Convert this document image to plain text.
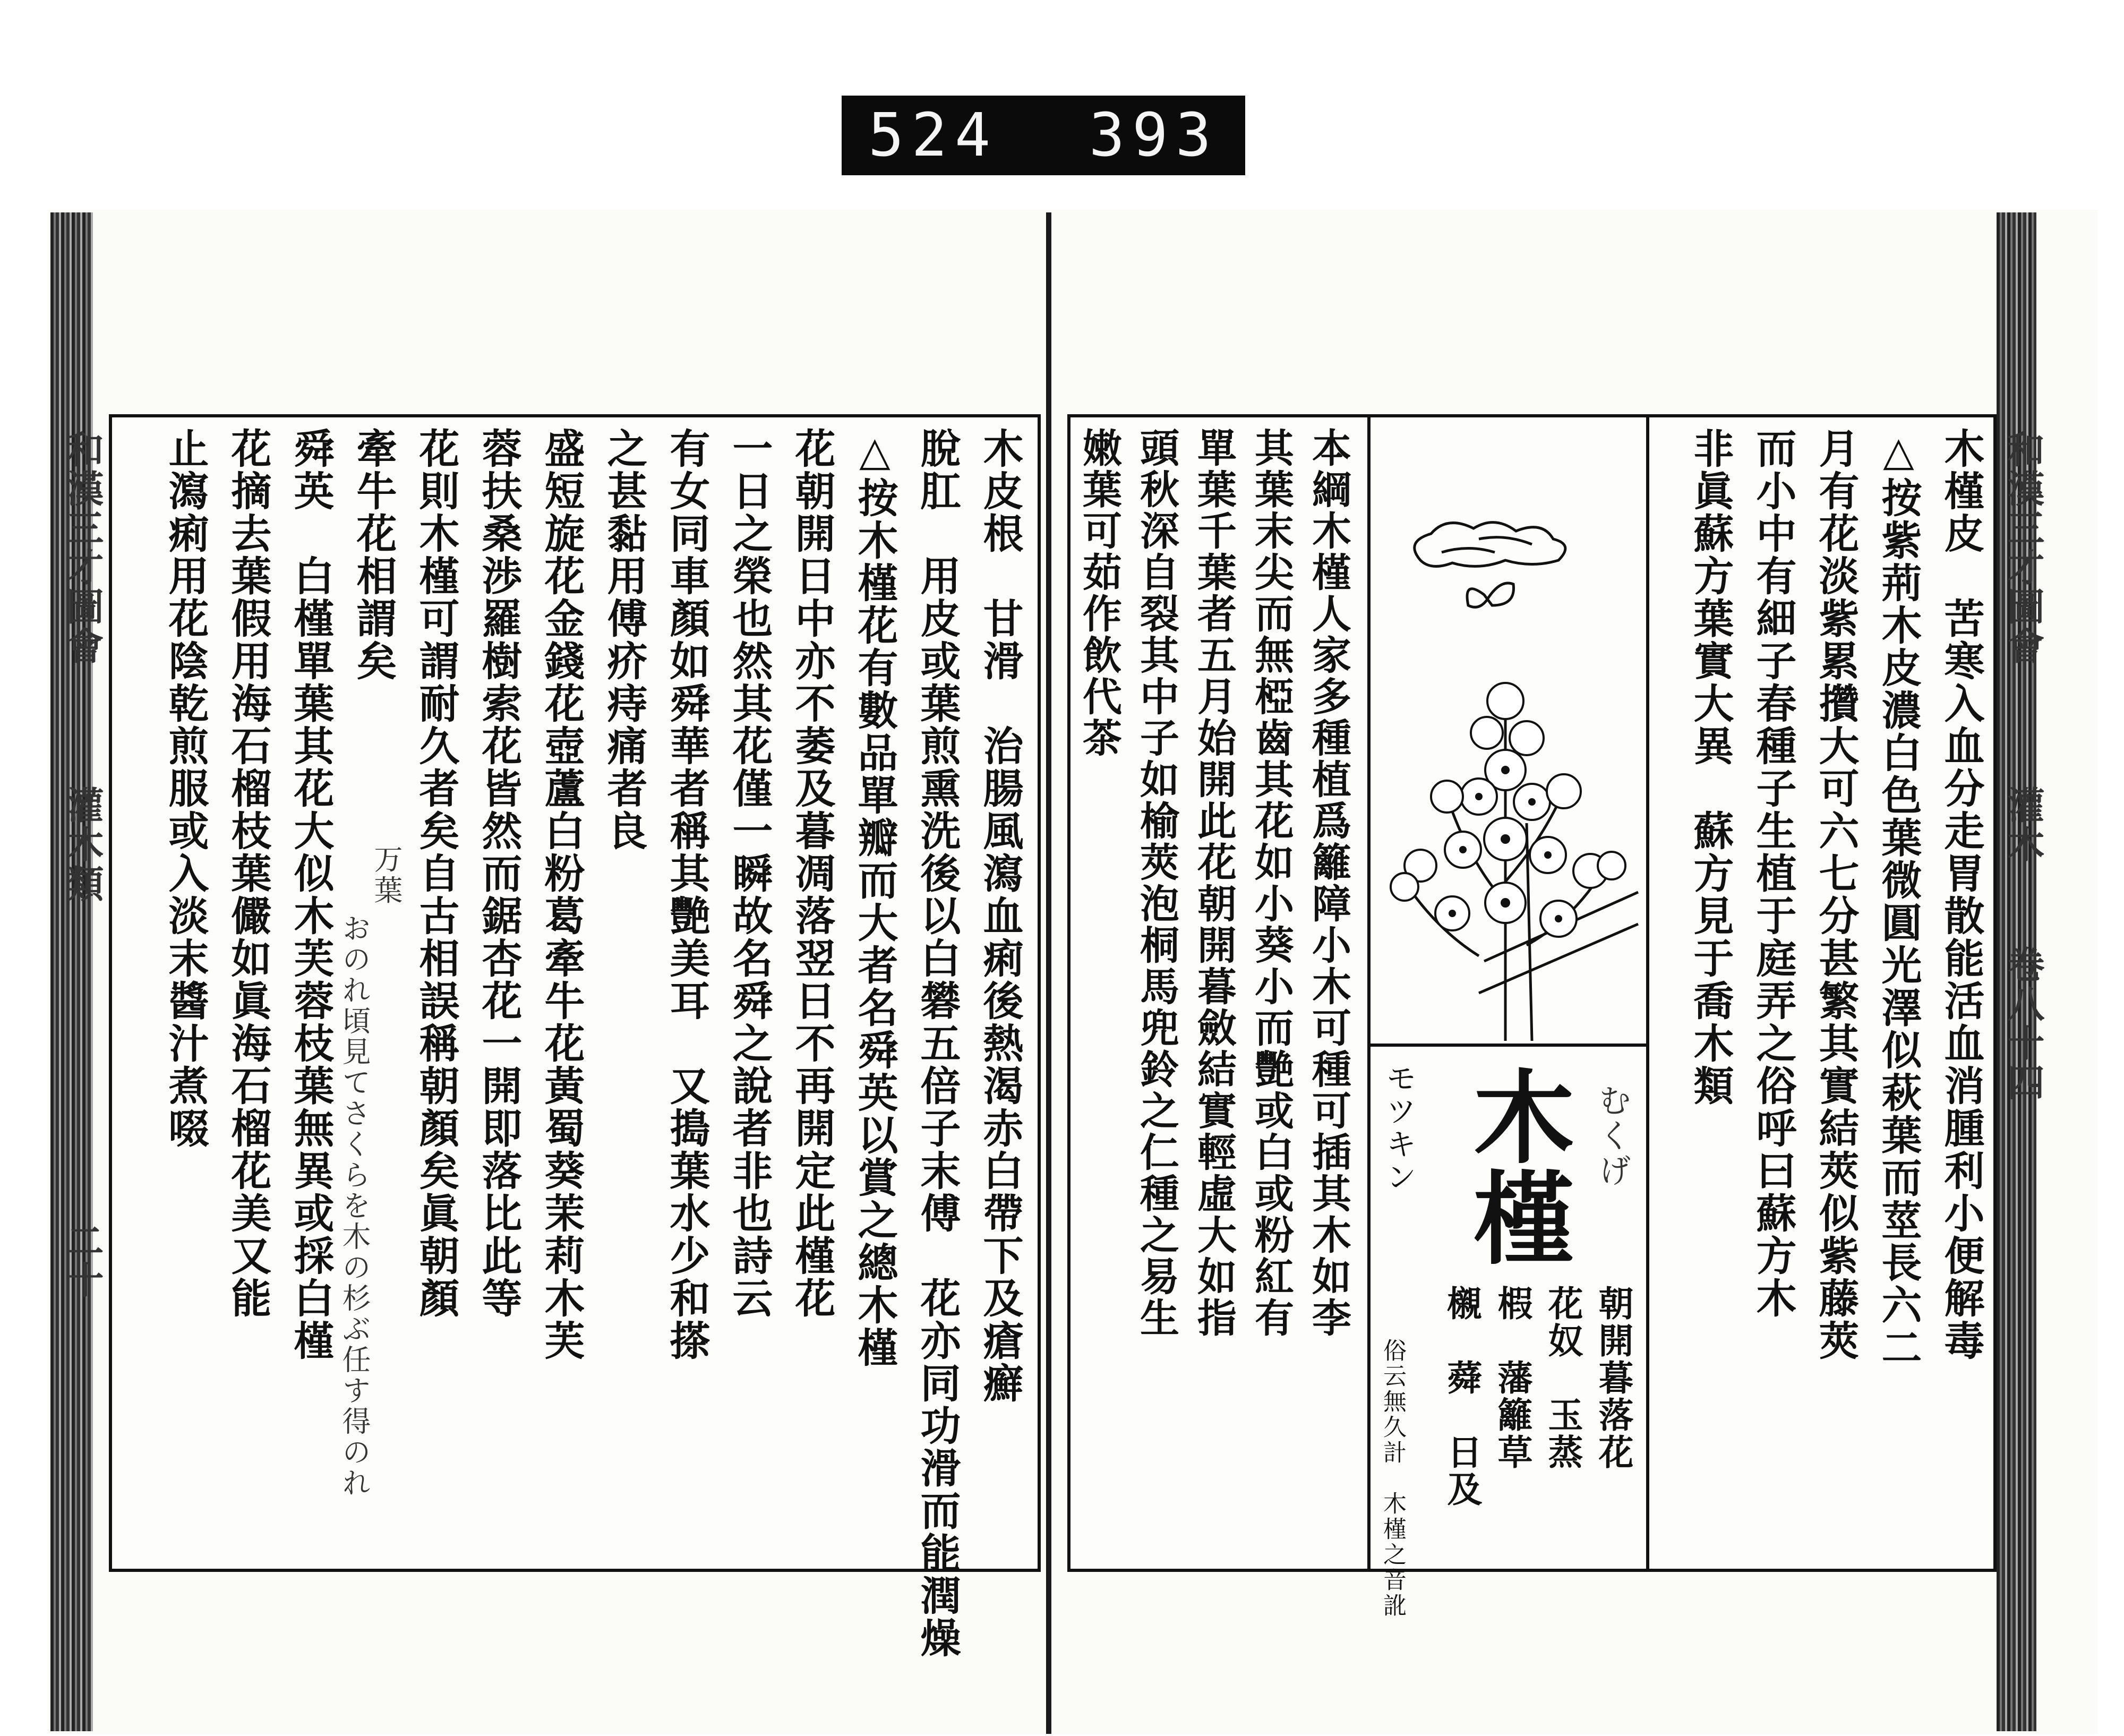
524 393
和漢三才圖會
灌木類
二十	木皮根　甘滑　治腸風瀉血痢後熱渴赤白帶下及瘡癬
脫肛　用皮或葉煎熏洗後以白礬五倍子末傅　花亦同功滑而能潤燥
△按木槿花有數品單瓣而大者名舜英以賞之總木槿
花朝開日中亦不萎及暮凋落翌日不再開定此槿花
一日之榮也然其花僅一瞬故名舜之說者非也詩云
有女同車顏如舜華者稱其艷美耳　又搗葉水少和搽
之甚黏用傅疥痔痛者良
盛短旋花金錢花壺蘆白粉葛牽牛花黃蜀葵茉莉木芙
蓉扶桑渉羅樹索花皆然而鋸杏花一開即落比此等
花則木槿可謂耐久者矣自古相誤稱朝顏矣眞朝顏
牽牛花相謂矣
舜英　白槿單葉其花大似木芙蓉枝葉無異或採白槿
花摘去葉假用海石榴枝葉儼如眞海石榴花美又能
止瀉痢用花陰乾煎服或入淡末醬汁煮啜
おのれ頃見てさくらを木の杉ぶ任す得のれ
万葉
和漢三才圖會
灌木
卷八十四
木槿皮　苦寒入血分走胃散能活血消腫利小便解毒
△按紫荊木皮濃白色葉微圓光澤似萩葉而莖長六二
月有花淡紫累攢大可六七分甚繁其實結莢似紫藤莢
而小中有細子春種子生植于庭弄之俗呼曰蘇方木
非眞蘇方葉實大異　蘇方見于喬木類
本綱木槿人家多種植爲籬障小木可種可插其木如李
其葉末尖而無椏齒其花如小葵小而艷或白或粉紅有
單葉千葉者五月始開此花朝開暮斂結實輕虛大如指
頭秋深自裂其中子如榆莢泡桐馬兜鈴之仁種之易生
嫩葉可茹作飲代茶
木槿 むくげ
モツキン
朝開暮落花
花奴　玉蒸
椵　藩籬草
櫬　蕣　日及
俗云無久計　木槿之音訛
